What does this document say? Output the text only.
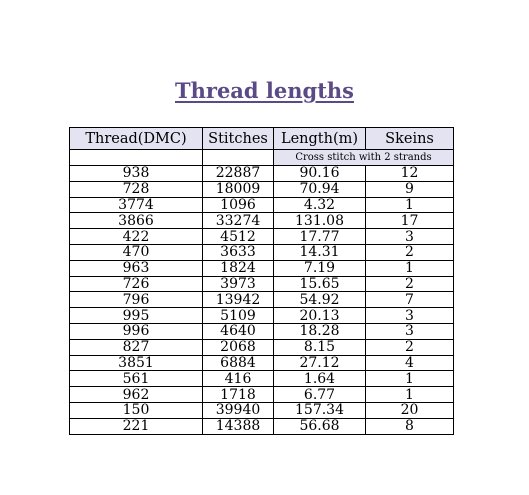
Thread lengths
Thread(DMC)	Stitches	Length(m)	Skeins
		Cross stitch with 2 strands	
938	22887	90.16	12
728	18009	70.94	9
3774	1096	4.32	1
3866	33274	131.08	17
422	4512	17.77	3
470	3633	14.31	2
963	1824	7.19	1
726	3973	15.65	2
796	13942	54.92	7
995	5109	20.13	3
996	4640	18.28	3
827	2068	8.15	2
3851	6884	27.12	4
561	416	1.64	1
962	1718	6.77	1
150	39940	157.34	20
221	14388	56.68	8
